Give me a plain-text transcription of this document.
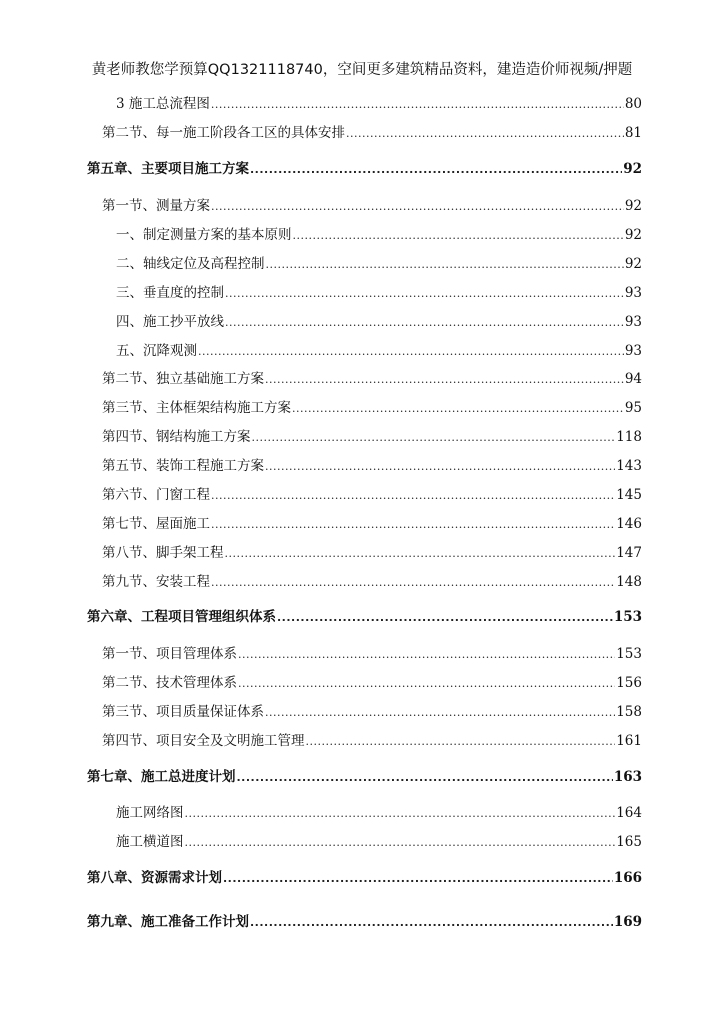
黄老师教您学预算QQ1321118740，空间更多建筑精品资料，建造造价师视频/押题
3 施工总流程图 .....	80
第二节、每一施工阶段各工区的具体安排 .....	81
第五章、主要项目施工方案 .....	92
第一节、测量方案 .....	92
一、制定测量方案的基本原则 .....	92
二、轴线定位及高程控制 .....	92
三、垂直度的控制 .....	93
四、施工抄平放线 .....	93
五、沉降观测 .....	93
第二节、独立基础施工方案 .....	94
第三节、主体框架结构施工方案 .....	95
第四节、钢结构施工方案 .....	118
第五节、装饰工程施工方案 .....	143
第六节、门窗工程 .....	145
第七节、屋面施工 .....	146
第八节、脚手架工程 .....	147
第九节、安装工程 .....	148
第六章、工程项目管理组织体系 .....	153
第一节、项目管理体系 .....	153
第二节、技术管理体系 .....	156
第三节、项目质量保证体系 .....	158
第四节、项目安全及文明施工管理 .....	161
第七章、施工总进度计划 .....	163
施工网络图 .....	164
施工横道图 .....	165
第八章、资源需求计划 .....	166
第九章、施工准备工作计划 .....	169
